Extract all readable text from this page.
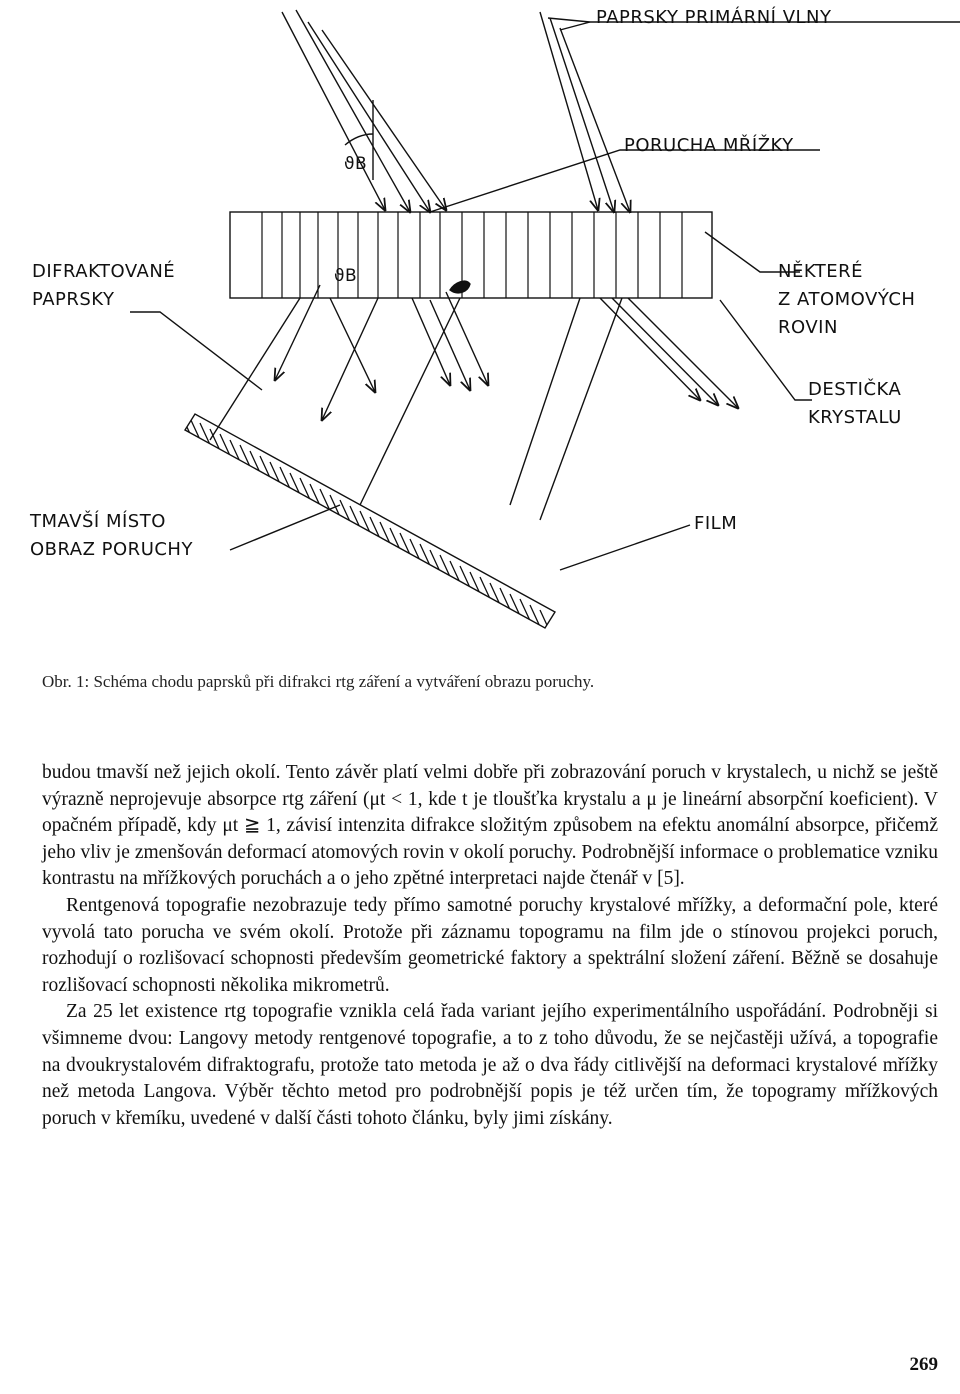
PAPRSKY PRIMÁRNÍ VLNY
PORUCHA MŘÍŽKY
DIFRAKTOVANÉ
PAPRSKY
NĚKTERÉ
Z ATOMOVÝCH
ROVIN
DESTIČKA
KRYSTALU
TMAVŠÍ MÍSTO
OBRAZ PORUCHY
FILM
ϑB
ϑB
Obr. 1: Schéma chodu paprsků při difrakci rtg záření a vytváření obrazu poruchy.

budou tmavší než jejich okolí. Tento závěr platí velmi dobře při zobrazování poruch v krystalech, u nichž se ještě výrazně neprojevuje absorpce rtg záření (μt < 1, kde t je tloušťka krystalu a μ je lineární absorpční koeficient). V opačném případě, kdy μt ≧ 1, závisí intenzita difrakce složitým způsobem na efektu anomální absorpce, přičemž jeho vliv je zmenšován deformací atomových rovin v okolí poruchy. Podrobnější informace o problematice vzniku kontrastu na mřížkových poruchách a o jeho zpětné interpretaci najde čtenář v [5].

Rentgenová topografie nezobrazuje tedy přímo samotné poruchy krystalové mřížky, a deformační pole, které vyvolá tato porucha ve svém okolí. Protože při záznamu topogramu na film jde o stínovou projekci poruch, rozhodují o rozlišovací schopnosti především geometrické faktory a spektrální složení záření. Běžně se dosahuje rozlišovací schopnosti několika mikrometrů.

Za 25 let existence rtg topografie vznikla celá řada variant jejího experimentálního uspořádání. Podrobněji si všimneme dvou: Langovy metody rentgenové topografie, a to z toho důvodu, že se nejčastěji užívá, a topografie na dvoukrystalovém difraktografu, protože tato metoda je až o dva řády citlivější na deformaci krystalové mřížky než metoda Langova. Výběr těchto metod pro podrobnější popis je též určen tím, že topogramy mřížkových poruch v křemíku, uvedené v další části tohoto článku, byly jimi získány.

269
